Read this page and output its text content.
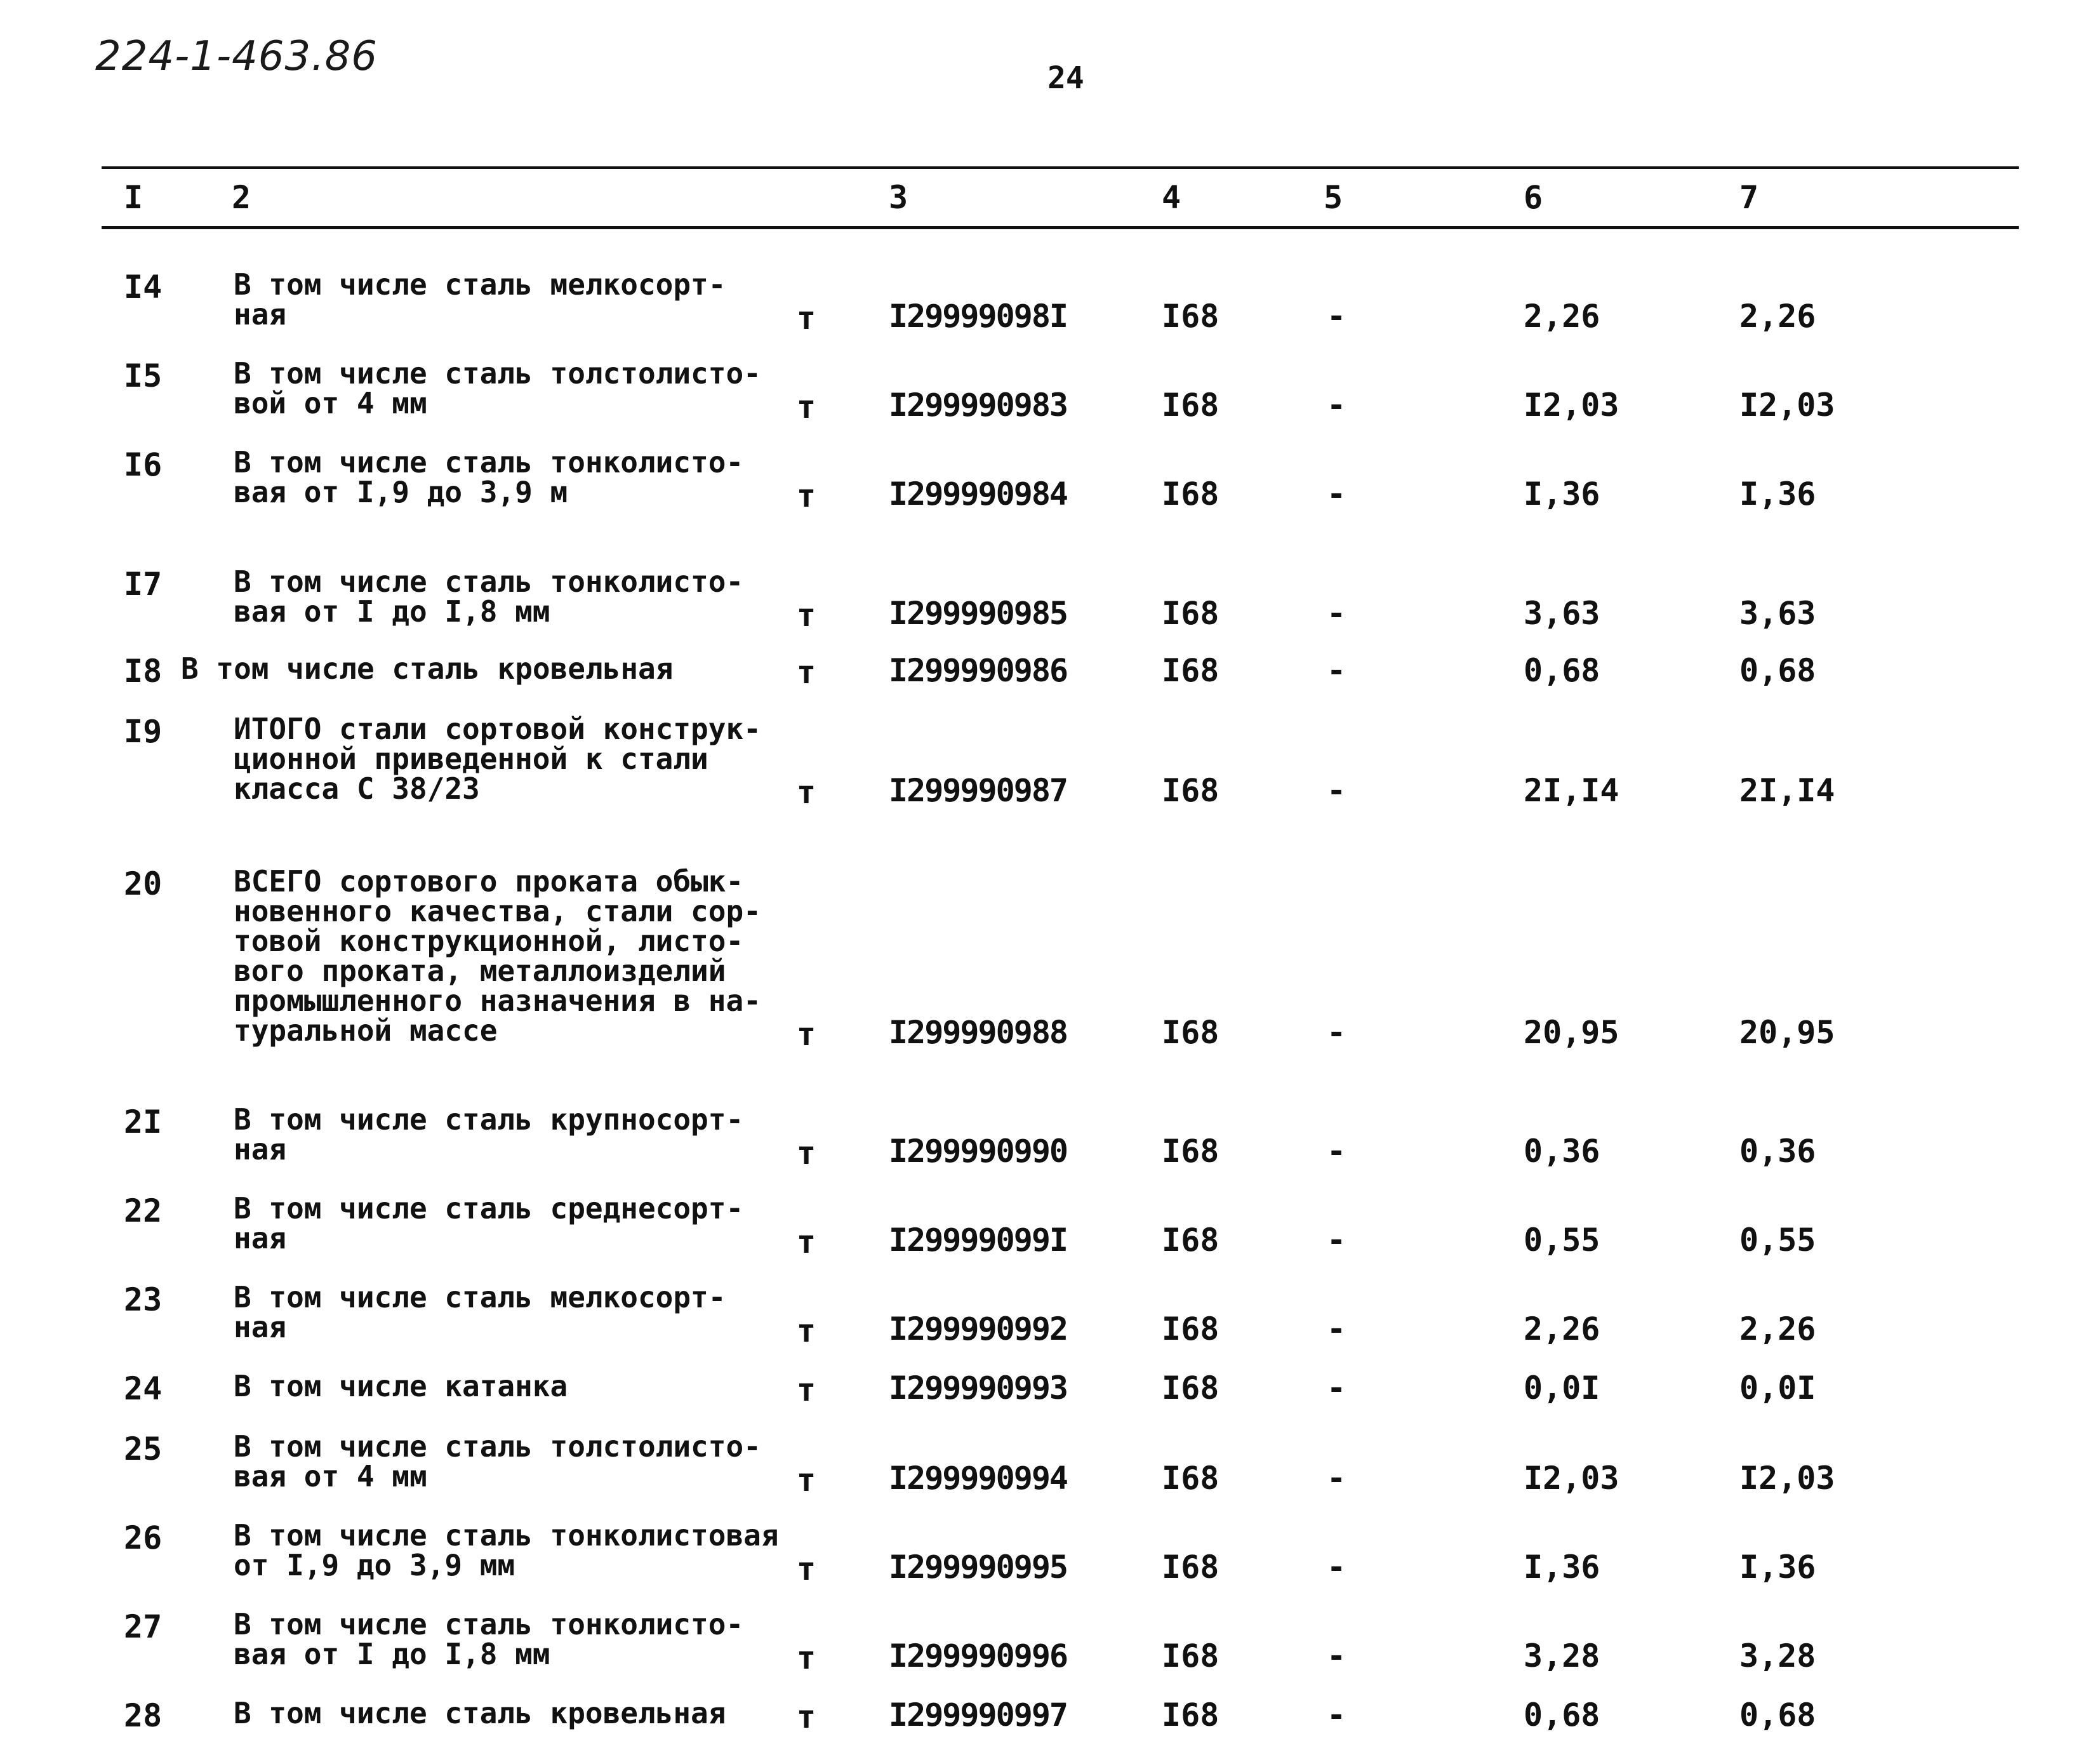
224-1-463.86	24
I	2	3	4	5	6	7
I4 В том числе сталь мелкосорт-
ная	т I29999098I	I68	-	2,26	2,26
I5 В том числе сталь толстолисто-
вой от 4 мм	т I299990983	I68	-	I2,03	I2,03
I6 В том числе сталь тонколисто-
вая от I,9 до 3,9 м	т I299990984	I68	-	I,36	I,36
I7 В том числе сталь тонколисто-
вая от I до I,8 мм	т I299990985	I68	-	3,63	3,63
I8 В том числе сталь кровельная	т I299990986	I68	-	0,68	0,68
I9 ИТОГО стали сортовой конструк-
ционной приведенной к стали
класса С 38/23	т I299990987	I68	-	2I,I4	2I,I4
20 ВСЕГО сортового проката обык-
новенного качества, стали сор-
товой конструкционной, листо-
вого проката, металлоизделий
промышленного назначения в на-
туральной массе	т I299990988	I68	-	20,95	20,95
2I В том числе сталь крупносорт-
ная	т I299990990	I68	-	0,36	0,36
22 В том числе сталь среднесорт-
ная	т I29999099I	I68	-	0,55	0,55
23 В том числе сталь мелкосорт-
ная	т I299990992	I68	-	2,26	2,26
24 В том числе катанка	т I299990993	I68	-	0,0I	0,0I
25 В том числе сталь толстолисто-
вая от 4 мм	т I299990994	I68	-	I2,03	I2,03
26 В том числе сталь тонколистовая
от I,9 до 3,9 мм	т I299990995	I68	-	I,36	I,36
27 В том числе сталь тонколисто-
вая от I до I,8 мм	т I299990996	I68	-	3,28	3,28
28 В том числе сталь кровельная т I299990997	I68	-	0,68	0,68
